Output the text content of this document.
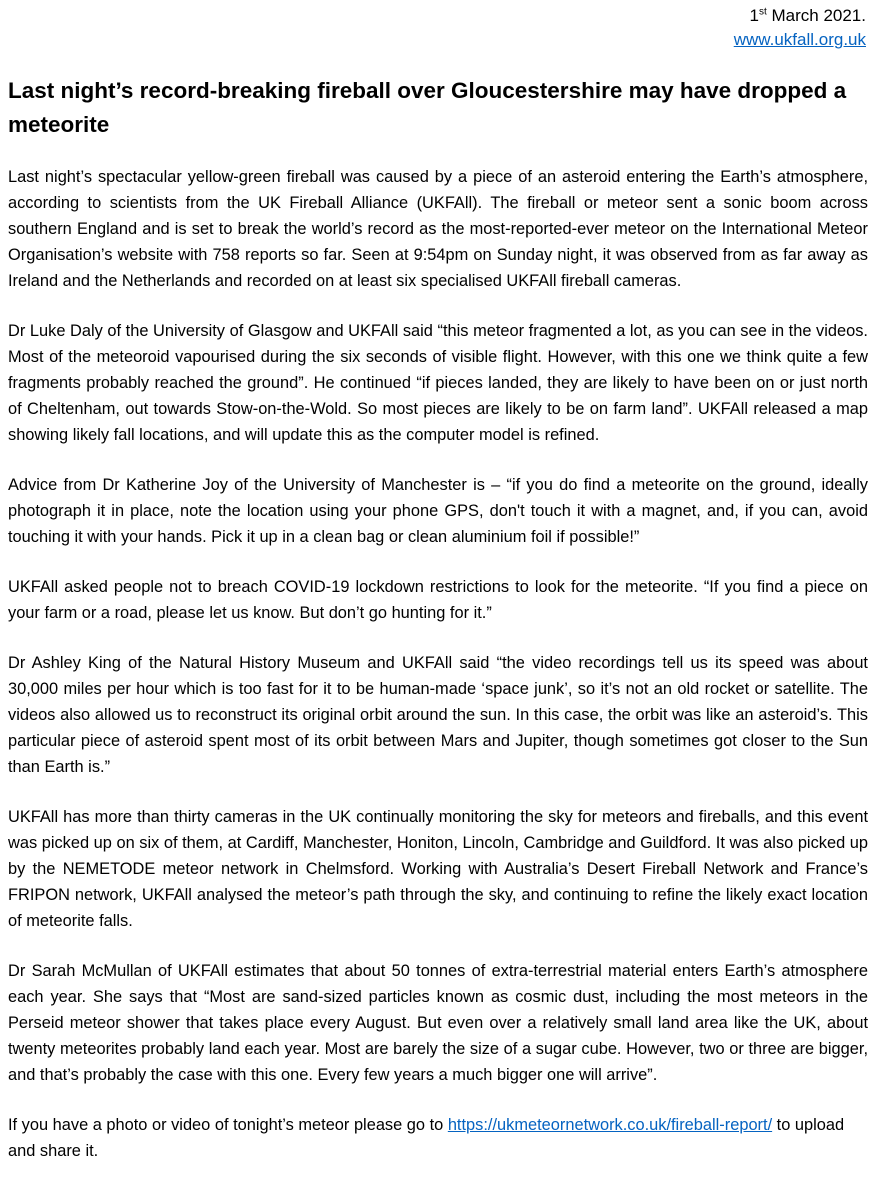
1st March 2021.
www.ukfall.org.uk
Last night’s record-breaking fireball over Gloucestershire may have dropped a meteorite

Last night’s spectacular yellow-green fireball was caused by a piece of an asteroid entering the Earth’s atmosphere, according to scientists from the UK Fireball Alliance (UKFAll). The fireball or meteor sent a sonic boom across southern England and is set to break the world’s record as the most-reported-ever meteor on the International Meteor Organisation’s website with 758 reports so far. Seen at 9:54pm on Sunday night, it was observed from as far away as Ireland and the Netherlands and recorded on at least six specialised UKFAll fireball cameras.

Dr Luke Daly of the University of Glasgow and UKFAll said “this meteor fragmented a lot, as you can see in the videos. Most of the meteoroid vapourised during the six seconds of visible flight. However, with this one we think quite a few fragments probably reached the ground”. He continued “if pieces landed, they are likely to have been on or just north of Cheltenham, out towards Stow-on-the-Wold. So most pieces are likely to be on farm land”. UKFAll released a map showing likely fall locations, and will update this as the computer model is refined.

Advice from Dr Katherine Joy of the University of Manchester is – “if you do find a meteorite on the ground, ideally photograph it in place, note the location using your phone GPS, don't touch it with a magnet, and, if you can, avoid touching it with your hands. Pick it up in a clean bag or clean aluminium foil if possible!”

UKFAll asked people not to breach COVID-19 lockdown restrictions to look for the meteorite. “If you find a piece on your farm or a road, please let us know. But don’t go hunting for it.”

Dr Ashley King of the Natural History Museum and UKFAll said “the video recordings tell us its speed was about 30,000 miles per hour which is too fast for it to be human-made ‘space junk’, so it’s not an old rocket or satellite. The videos also allowed us to reconstruct its original orbit around the sun. In this case, the orbit was like an asteroid’s. This particular piece of asteroid spent most of its orbit between Mars and Jupiter, though sometimes got closer to the Sun than Earth is.”

UKFAll has more than thirty cameras in the UK continually monitoring the sky for meteors and fireballs, and this event was picked up on six of them, at Cardiff, Manchester, Honiton, Lincoln, Cambridge and Guildford. It was also picked up by the NEMETODE meteor network in Chelmsford. Working with Australia’s Desert Fireball Network and France’s FRIPON network, UKFAll analysed the meteor’s path through the sky, and continuing to refine the likely exact location of meteorite falls.

Dr Sarah McMullan of UKFAll estimates that about 50 tonnes of extra-terrestrial material enters Earth’s atmosphere each year. She says that “Most are sand-sized particles known as cosmic dust, including the most meteors in the Perseid meteor shower that takes place every August. But even over a relatively small land area like the UK, about twenty meteorites probably land each year. Most are barely the size of a sugar cube. However, two or three are bigger, and that’s probably the case with this one. Every few years a much bigger one will arrive”.

If you have a photo or video of tonight’s meteor please go to https://ukmeteornetwork.co.uk/fireball-report/ to upload and share it.
